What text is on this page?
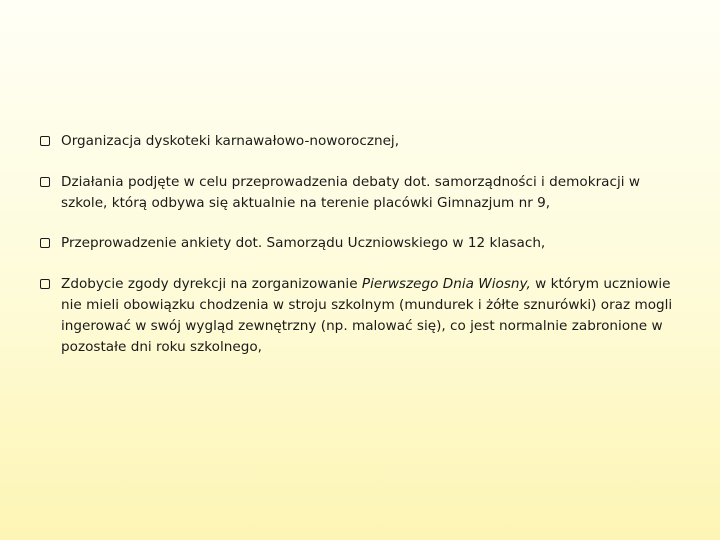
Organizacja dyskoteki karnawałowo-noworocznej,
Działania podjęte w celu przeprowadzenia debaty dot. samorządności i demokracji w szkole, którą odbywa się aktualnie na terenie placówki Gimnazjum nr 9,
Przeprowadzenie ankiety dot. Samorządu Uczniowskiego w 12 klasach,
Zdobycie zgody dyrekcji na zorganizowanie Pierwszego Dnia Wiosny, w którym uczniowie nie mieli obowiązku chodzenia w stroju szkolnym (mundurek i żółte sznurówki) oraz mogli ingerować w swój wygląd zewnętrzny (np. malować się), co jest normalnie zabronione w pozostałe dni roku szkolnego,
